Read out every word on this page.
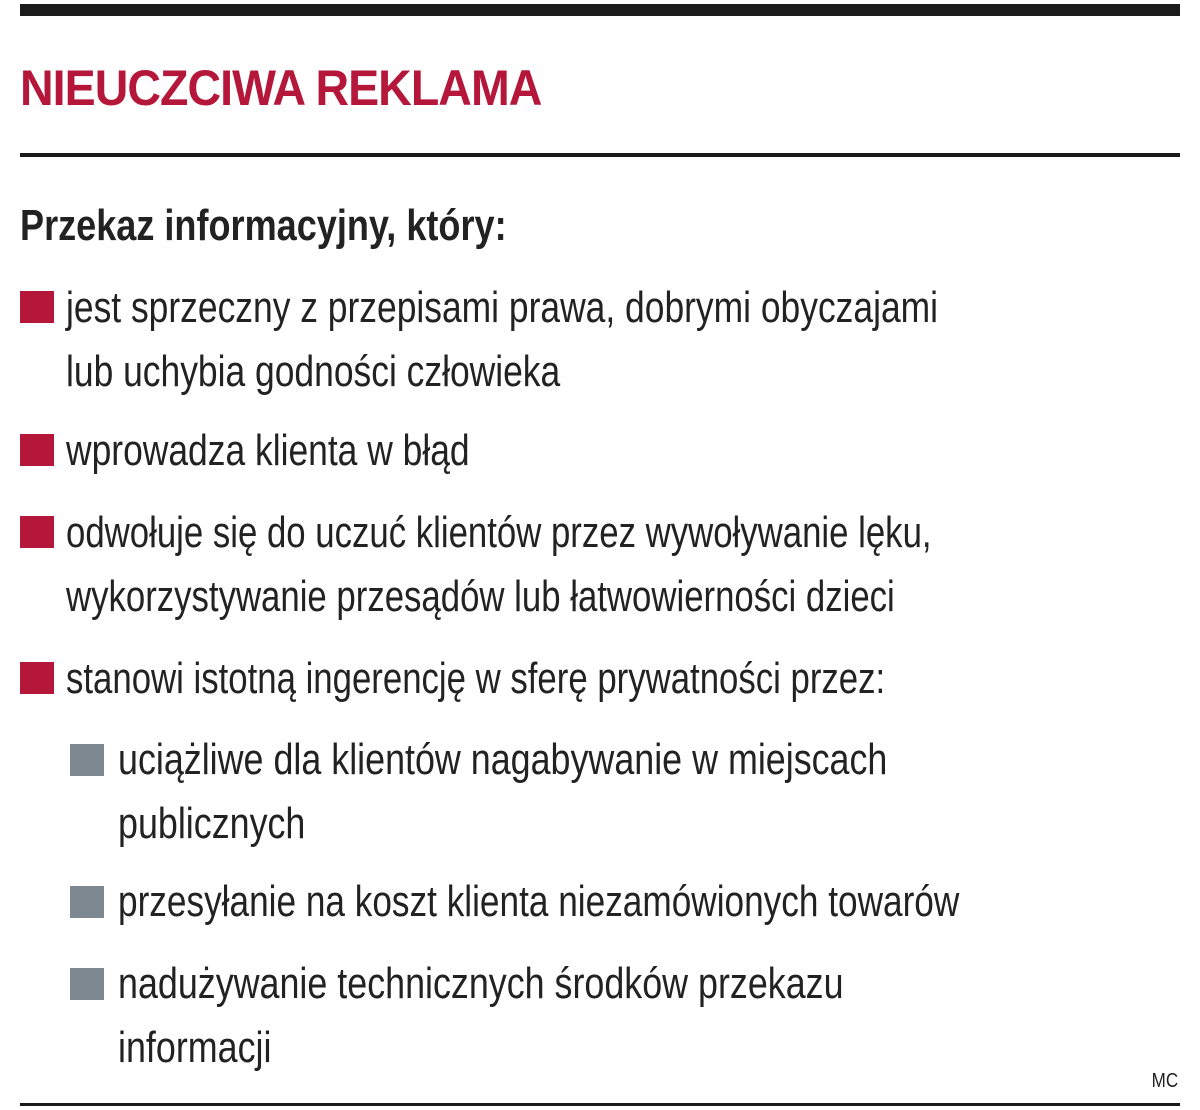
NIEUCZCIWA REKLAMA

Przekaz informacyjny, który:

jest sprzeczny z przepisami prawa, dobrymi obyczajami
lub uchybia godności człowieka
wprowadza klienta w błąd
odwołuje się do uczuć klientów przez wywoływanie lęku,
wykorzystywanie przesądów lub łatwowierności dzieci
stanowi istotną ingerencję w sferę prywatności przez:
uciążliwe dla klientów nagabywanie w miejscach
publicznych
przesyłanie na koszt klienta niezamówionych towarów
nadużywanie technicznych środków przekazu
informacji
MC
